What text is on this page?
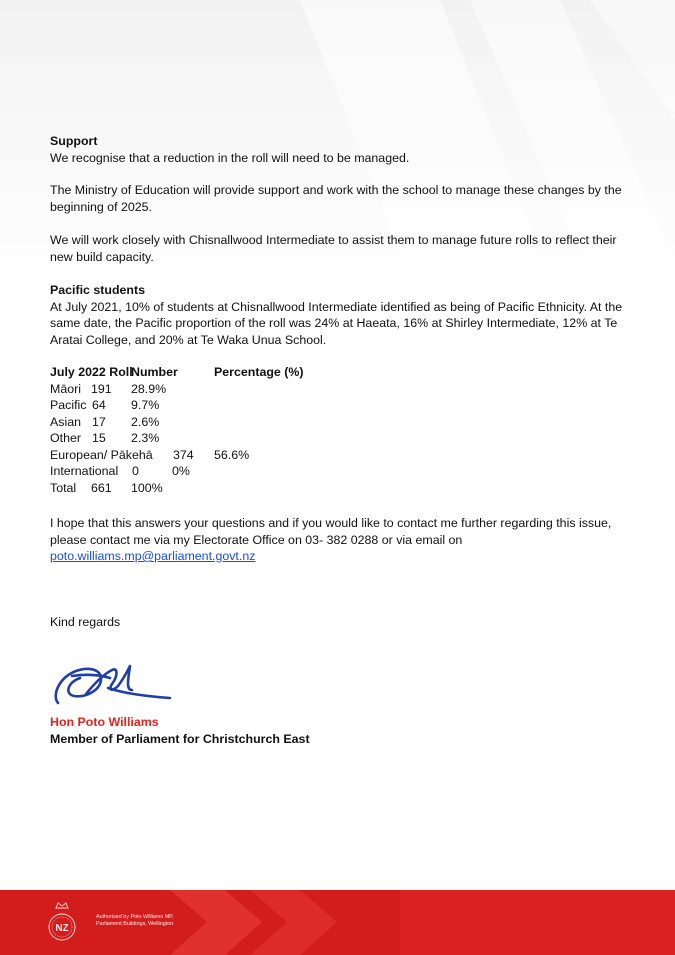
Support

We recognise that a reduction in the roll will need to be managed.

The Ministry of Education will provide support and work with the school to manage these changes by the beginning of 2025.

We will work closely with Chisnallwood Intermediate to assist them to manage future rolls to reflect their new build capacity.

Pacific students

At July 2021, 10% of students at Chisnallwood Intermediate identified as being of Pacific Ethnicity. At the same date, the Pacific proportion of the roll was 24% at Haeata, 16% at Shirley Intermediate, 12% at Te Aratai College, and 20% at Te Waka Unua School.

July 2022 Roll
Number	Percentage (%)
Māori 191 28.9%
Pacific 64 9.7%
Asian 17 2.6%
Other 15 2.3%
European/ Pākehā 374 56.6%
International 0	0%
Total 661 100%

I hope that this answers your questions and if you would like to contact me further regarding this issue, please contact me via my Electorate Office on 03- 382 0288 or via email on

poto.williams.mp@parliament.govt.nz

Kind regards

Hon Poto Williams

Member of Parliament for Christchurch East

NZ
Authorised by Poto Williams MP,
Parliament Buildings, Wellington
